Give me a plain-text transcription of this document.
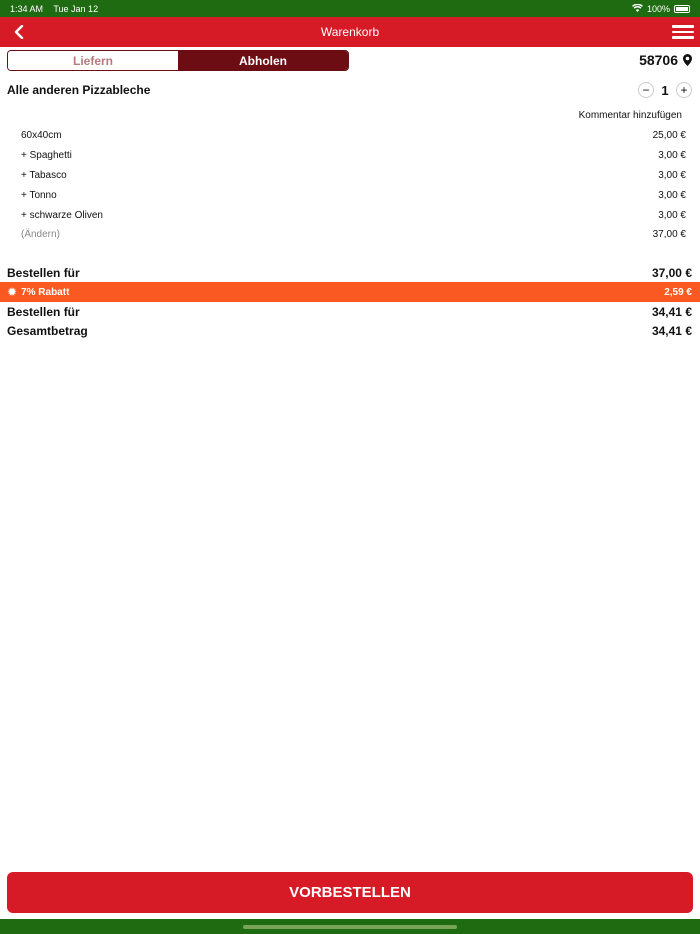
1:34 AM Tue Jan 12	100%
Warenkorb
Liefern	Abholen	58706
Alle anderen Pizzableche	− 1 +
Kommentar hinzufügen
60x40cm	25,00 €
+ Spaghetti	3,00 €
+ Tabasco	3,00 €
+ Tonno	3,00 €
+ schwarze Oliven	3,00 €
(Ändern)	37,00 €
Bestellen für	37,00 €
✹ 7% Rabatt	2,59 €
Bestellen für	34,41 €
Gesamtbetrag	34,41 €
VORBESTELLEN
